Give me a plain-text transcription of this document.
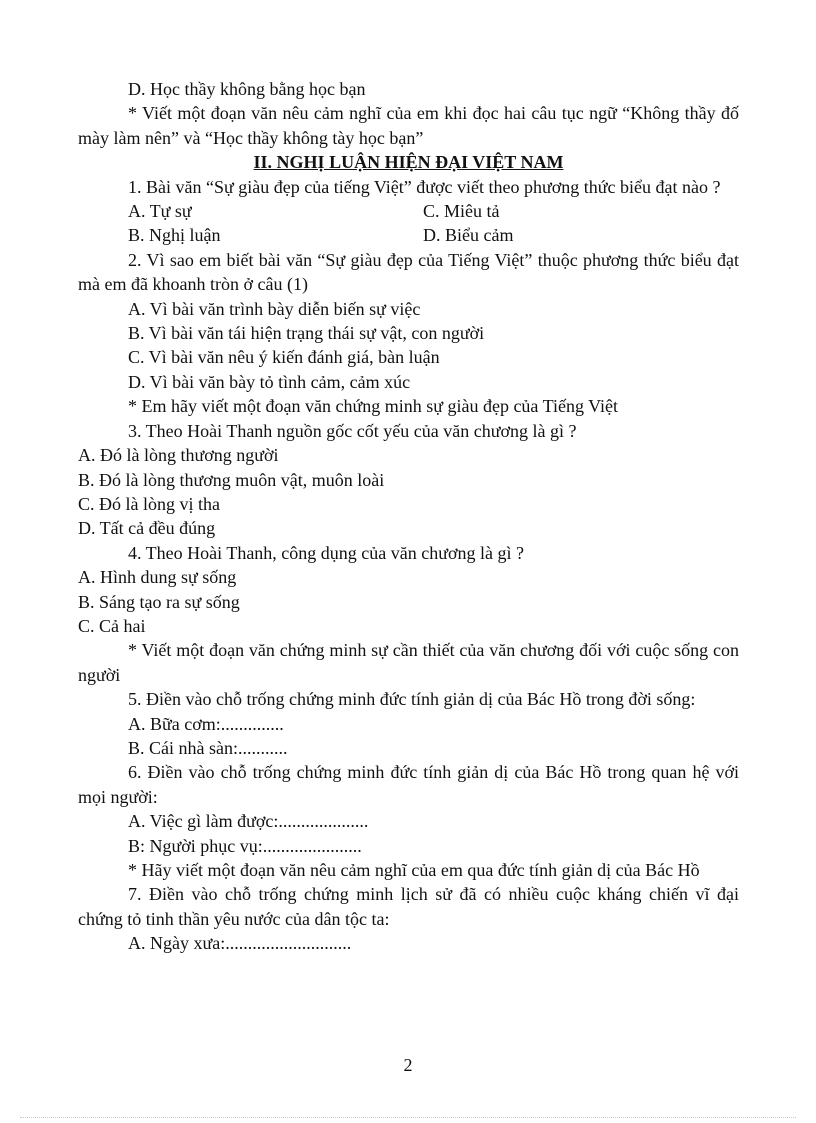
D. Học thầy không bằng học bạn

* Viết một đoạn văn nêu cảm nghĩ của em khi đọc hai câu tục ngữ “Không thầy đố mày làm nên” và “Học thầy không tày học bạn”

II. NGHỊ LUẬN HIỆN ĐẠI VIỆT NAM

1. Bài văn “Sự giàu đẹp của tiếng Việt” được viết theo phương thức biểu đạt nào ?

A. Tự sự	C. Miêu tả
B. Nghị luận	D. Biểu cảm

2. Vì sao em biết bài văn “Sự giàu đẹp của Tiếng Việt” thuộc phương thức biểu đạt mà em đã khoanh tròn ở câu (1)

A. Vì bài văn trình bày diễn biến sự việc

B. Vì bài văn tái hiện trạng thái sự vật, con người

C. Vì bài văn nêu ý kiến đánh giá, bàn luận

D. Vì bài văn bày tỏ tình cảm, cảm xúc

* Em hãy viết một đoạn văn chứng minh sự giàu đẹp của Tiếng Việt

3. Theo Hoài Thanh nguồn gốc cốt yếu của văn chương là gì ?

A. Đó là lòng thương người

B. Đó là lòng thương muôn vật, muôn loài

C. Đó là lòng vị tha

D. Tất cả đều đúng

4. Theo Hoài Thanh, công dụng của văn chương là gì ?

A. Hình dung sự sống

B. Sáng tạo ra sự sống

C. Cả hai

* Viết một đoạn văn chứng minh sự cần thiết của văn chương đối với cuộc sống con người

5. Điền vào chỗ trống chứng minh đức tính giản dị của Bác Hồ trong đời sống:

A. Bữa cơm:..............

B. Cái nhà sàn:...........

6. Điền vào chỗ trống chứng minh đức tính giản dị của Bác Hồ trong quan hệ với mọi người:

A. Việc gì làm được:....................

B: Người phục vụ:......................

* Hãy viết một đoạn văn nêu cảm nghĩ của em qua đức tính giản dị của Bác Hồ

7. Điền vào chỗ trống chứng minh lịch sử đã có nhiều cuộc kháng chiến vĩ đại chứng tỏ tinh thần yêu nước của dân tộc ta:

A. Ngày xưa:............................

2
